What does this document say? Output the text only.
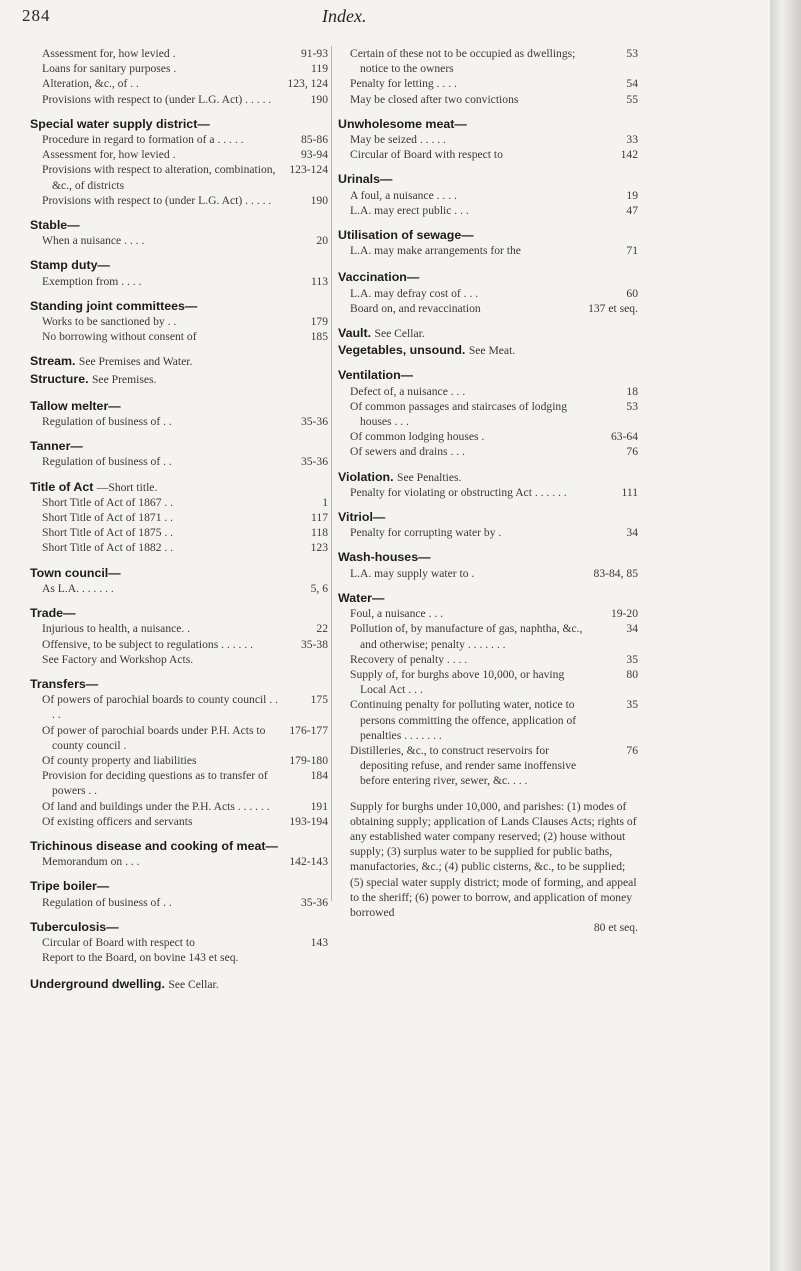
284	Index.
Assessment for, how levied .	91-93
Loans for sanitary purposes .	119
Alteration, &c., of . .	123, 124
Provisions with respect to (under L.G. Act) . . . . .	190
Special water supply district—
Procedure in regard to formation of a . . . . .	85-86
Assessment for, how levied .	93-94
Provisions with respect to alteration, combination, &c., of districts
123-124
Provisions with respect to (under L.G. Act) . . . . .	190
Stable—
When a nuisance . . . .	20
Stamp duty—
Exemption from . . . .	113
Standing joint committees—
Works to be sanctioned by . .	179
No borrowing without consent of	185
Stream. See Premises and Water.
Structure. See Premises.
Tallow melter—
Regulation of business of . .	35-36
Tanner—
Regulation of business of . .	35-36
Title of Act —Short title.
Short Title of Act of 1867 . .	1
Short Title of Act of 1871 . .	117
Short Title of Act of 1875 . .	118
Short Title of Act of 1882 . .	123
Town council—
As L.A. . . . . . .	5, 6
Trade—
Injurious to health, a nuisance. .	22
Offensive, to be subject to regulations . . . . . .	35-38
See Factory and Workshop Acts.
Transfers—
Of powers of parochial boards to county council . . . .
175
Of power of parochial boards under P.H. Acts to county council .
176-177
Of county property and liabilities	179-180
Provision for deciding questions as to transfer of powers . .
184
Of land and buildings under the P.H. Acts . . . . . .	191
Of existing officers and servants	193-194
Trichinous disease and cooking of meat—
Memorandum on . . .	142-143
Tripe boiler—
Regulation of business of . .	35-36
Tuberculosis—
Circular of Board with respect to	143
Report to the Board, on bovine 143 et seq.
Underground dwelling. See Cellar.
Certain of these not to be occupied as dwellings; notice to the owners
53
Penalty for letting . . . .	54
May be closed after two convictions	55
Unwholesome meat—
May be seized . . . . .	33
Circular of Board with respect to	142
Urinals—
A foul, a nuisance . . . .	19
L.A. may erect public . . .	47
Utilisation of sewage—
L.A. may make arrangements for the	71
Vaccination—
L.A. may defray cost of . . .	60
Board on, and revaccination	137 et seq.
Vault. See Cellar.
Vegetables, unsound. See Meat.
Ventilation—
Defect of, a nuisance . . .	18
Of common passages and staircases of lodging houses . . .
53
Of common lodging houses .	63-64
Of sewers and drains . . .	76
Violation. See Penalties.
Penalty for violating or obstructing Act . . . . . .	111
Vitriol—
Penalty for corrupting water by .	34
Wash-houses—
L.A. may supply water to .	83-84, 85
Water—
Foul, a nuisance . . .	19-20
Pollution of, by manufacture of gas, naphtha, &c., and otherwise; penalty . . . . . . .
34
Recovery of penalty . . . .	35
Supply of, for burghs above 10,000, or having Local Act . . .
80
Continuing penalty for polluting water, notice to persons committing the offence, application of penalties . . . . . . .
35
Distilleries, &c., to construct reservoirs for depositing refuse, and render same inoffensive before entering river, sewer, &c. . . .
76
Supply for burghs under 10,000, and parishes: (1) modes of obtaining supply; application of Lands Clauses Acts; rights of any established water company reserved; (2) house without supply; (3) surplus water to be supplied for public baths, manufactories, &c.; (4) public cisterns, &c., to be supplied; (5) special water supply district; mode of forming, and appeal to the sheriff; (6) power to borrow, and application of money borrowed
80 et seq.
